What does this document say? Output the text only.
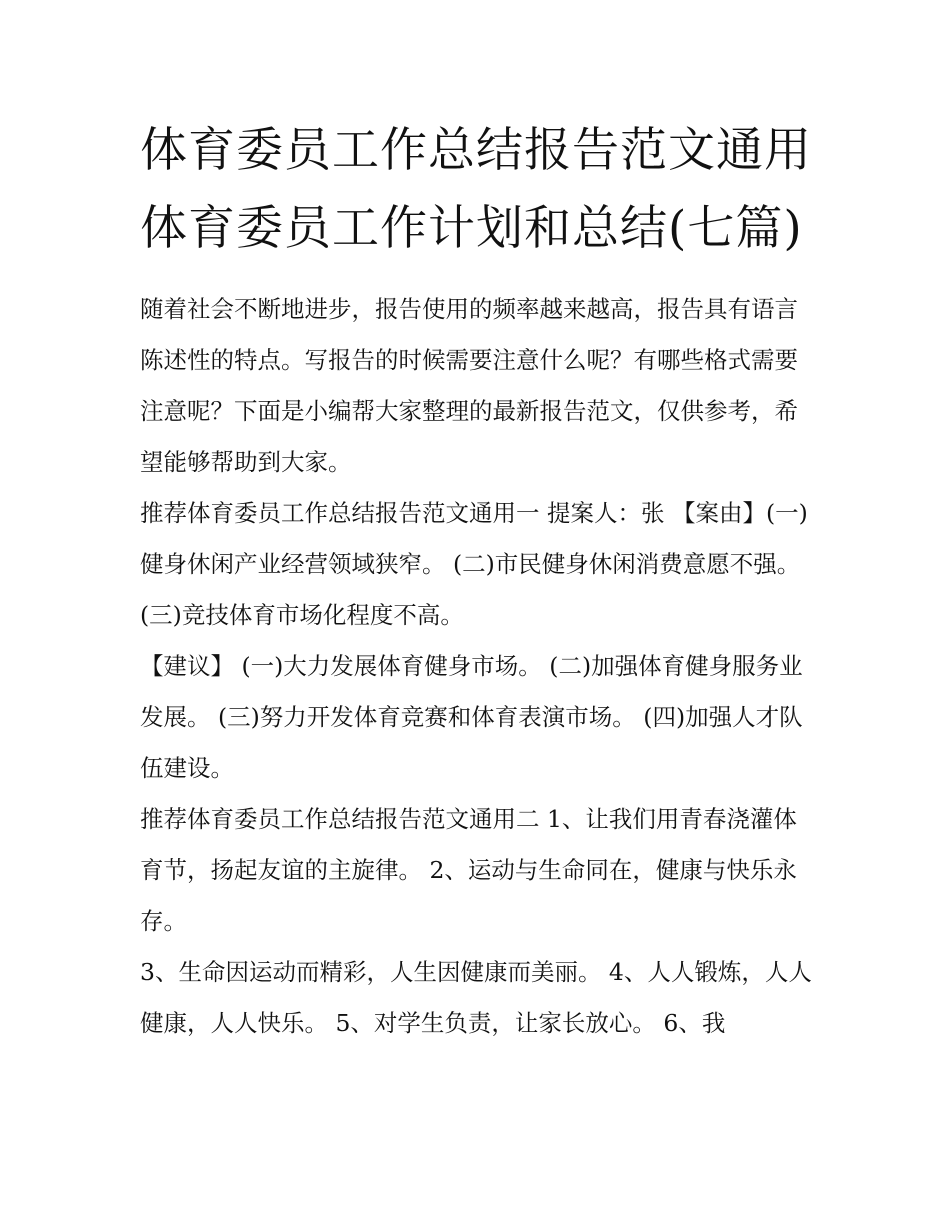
体育委员工作总结报告范文通用 体育委员工作计划和总结(七篇)

随着社会不断地进步，报告使用的频率越来越高，报告具有语言陈述性的特点。写报告的时候需要注意什么呢？有哪些格式需要注意呢？下面是小编帮大家整理的最新报告范文，仅供参考，希望能够帮助到大家。

推荐体育委员工作总结报告范文通用一 提案人：张 【案由】(一)健身休闲产业经营领域狭窄。 (二)市民健身休闲消费意愿不强。 (三)竞技体育市场化程度不高。

【建议】 (一)大力发展体育健身市场。 (二)加强体育健身服务业发展。 (三)努力开发体育竞赛和体育表演市场。 (四)加强人才队伍建设。

推荐体育委员工作总结报告范文通用二 1、让我们用青春浇灌体育节，扬起友谊的主旋律。 2、运动与生命同在，健康与快乐永存。

3、生命因运动而精彩，人生因健康而美丽。 4、人人锻炼，人人健康，人人快乐。 5、对学生负责，让家长放心。 6、我
